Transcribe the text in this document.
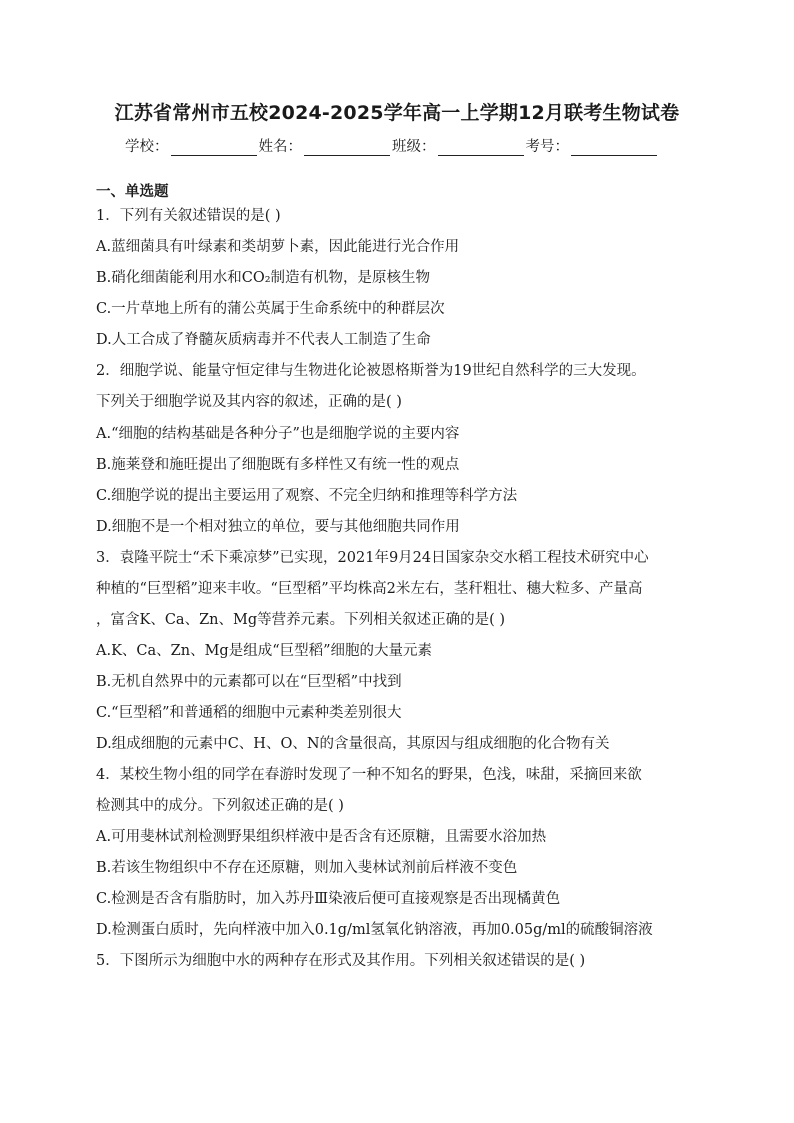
江苏省常州市五校2024-2025学年高一上学期12月联考生物试卷
学校：	姓名：	班级：	考号：
一、单选题
1．下列有关叙述错误的是( )
A.蓝细菌具有叶绿素和类胡萝卜素，因此能进行光合作用
B.硝化细菌能利用水和CO₂制造有机物，是原核生物
C.一片草地上所有的蒲公英属于生命系统中的种群层次
D.人工合成了脊髓灰质病毒并不代表人工制造了生命
2．细胞学说、能量守恒定律与生物进化论被恩格斯誉为19世纪自然科学的三大发现。
下列关于细胞学说及其内容的叙述，正确的是( )
A.“细胞的结构基础是各种分子”也是细胞学说的主要内容
B.施莱登和施旺提出了细胞既有多样性又有统一性的观点
C.细胞学说的提出主要运用了观察、不完全归纳和推理等科学方法
D.细胞不是一个相对独立的单位，要与其他细胞共同作用
3．袁隆平院士“禾下乘凉梦”已实现，2021年9月24日国家杂交水稻工程技术研究中心
种植的“巨型稻”迎来丰收。“巨型稻”平均株高2米左右，茎秆粗壮、穗大粒多、产量高
，富含K、Ca、Zn、Mg等营养元素。下列相关叙述正确的是( )
A.K、Ca、Zn、Mg是组成“巨型稻”细胞的大量元素
B.无机自然界中的元素都可以在“巨型稻”中找到
C.“巨型稻”和普通稻的细胞中元素种类差别很大
D.组成细胞的元素中C、H、O、N的含量很高，其原因与组成细胞的化合物有关
4．某校生物小组的同学在春游时发现了一种不知名的野果，色浅，味甜，采摘回来欲
检测其中的成分。下列叙述正确的是( )
A.可用斐林试剂检测野果组织样液中是否含有还原糖，且需要水浴加热
B.若该生物组织中不存在还原糖，则加入斐林试剂前后样液不变色
C.检测是否含有脂肪时，加入苏丹Ⅲ染液后便可直接观察是否出现橘黄色
D.检测蛋白质时，先向样液中加入0.1g/ml氢氧化钠溶液，再加0.05g/ml的硫酸铜溶液
5．下图所示为细胞中水的两种存在形式及其作用。下列相关叙述错误的是( )
